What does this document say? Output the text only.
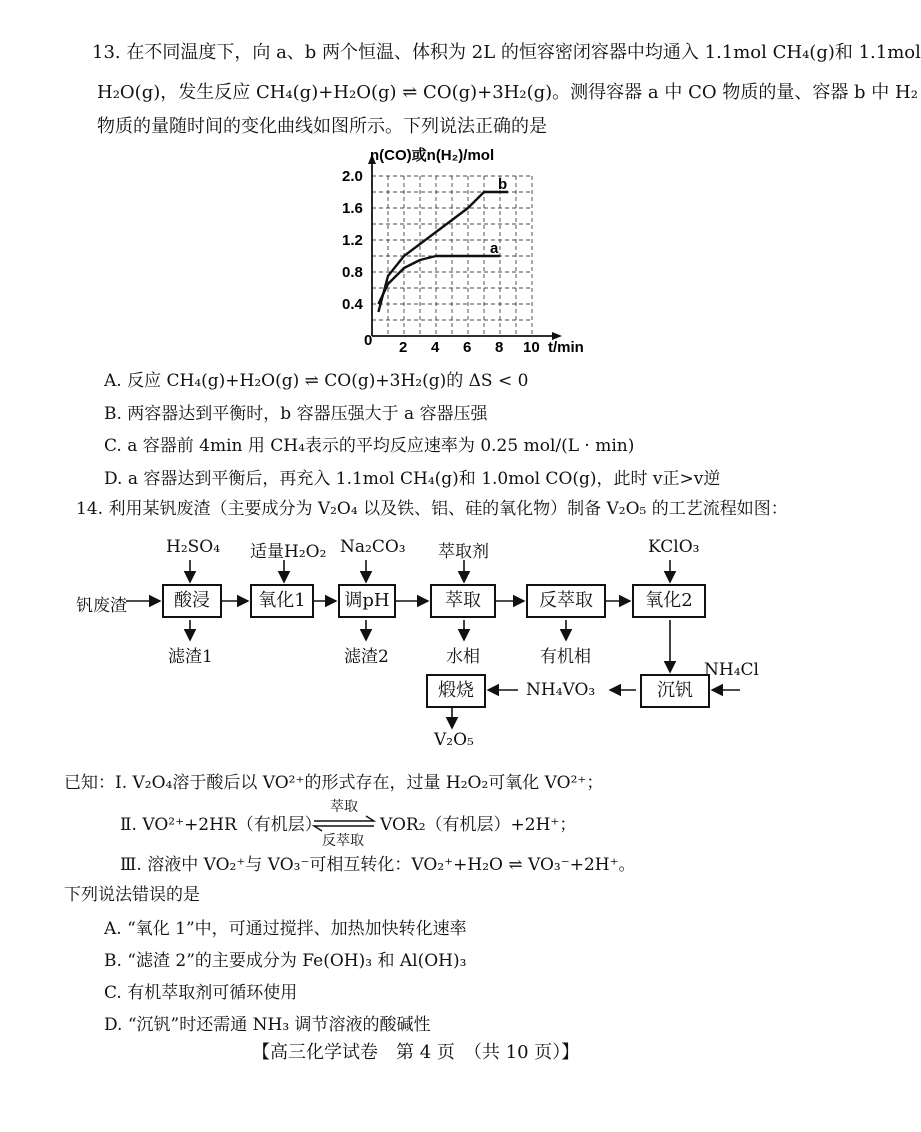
13. 在不同温度下，向 a、b 两个恒温、体积为 2L 的恒容密闭容器中均通入 1.1mol CH₄(g)和 1.1mol
H₂O(g)，发生反应 CH₄(g)+H₂O(g) ⇌ CO(g)+3H₂(g)。测得容器 a 中 CO 物质的量、容器 b 中 H₂
物质的量随时间的变化曲线如图所示。下列说法正确的是
n(CO)或n(H₂)/mol
t/min
0 2 4 6 8 10
0.4
0.8
1.2
1.6
2.0
a
b
A. 反应 CH₄(g)+H₂O(g) ⇌ CO(g)+3H₂(g)的 ΔS < 0
B. 两容器达到平衡时，b 容器压强大于 a 容器压强
C. a 容器前 4min 用 CH₄表示的平均反应速率为 0.25 mol/(L · min)
D. a 容器达到平衡后，再充入 1.1mol CH₄(g)和 1.0mol CO(g)，此时 v正>v逆
14. 利用某钒废渣（主要成分为 V₂O₄ 以及铁、铝、硅的氧化物）制备 V₂O₅ 的工艺流程如图：
钒废渣	酸浸	氧化1	调pH	萃取	反萃取	氧化2
H₂SO₄ 适量H₂O₂ Na₂CO₃ 萃取剂	KClO₃
滤渣1	滤渣2	水相	有机相
沉钒
NH₄Cl
NH₄VO₃
煅烧
V₂O₅
已知：Ⅰ. V₂O₄溶于酸后以 VO²⁺的形式存在，过量 H₂O₂可氧化 VO²⁺；
Ⅱ. VO²⁺+2HR（有机层）
萃取
反萃取
VOR₂（有机层）+2H⁺；
Ⅲ. 溶液中 VO₂⁺与 VO₃⁻可相互转化：VO₂⁺+H₂O ⇌ VO₃⁻+2H⁺。
下列说法错误的是
A. “氧化 1”中，可通过搅拌、加热加快转化速率
B. “滤渣 2”的主要成分为 Fe(OH)₃ 和 Al(OH)₃
C. 有机萃取剂可循环使用
D. “沉钒”时还需通 NH₃ 调节溶液的酸碱性
【高三化学试卷　第 4 页　（共 10 页）】
